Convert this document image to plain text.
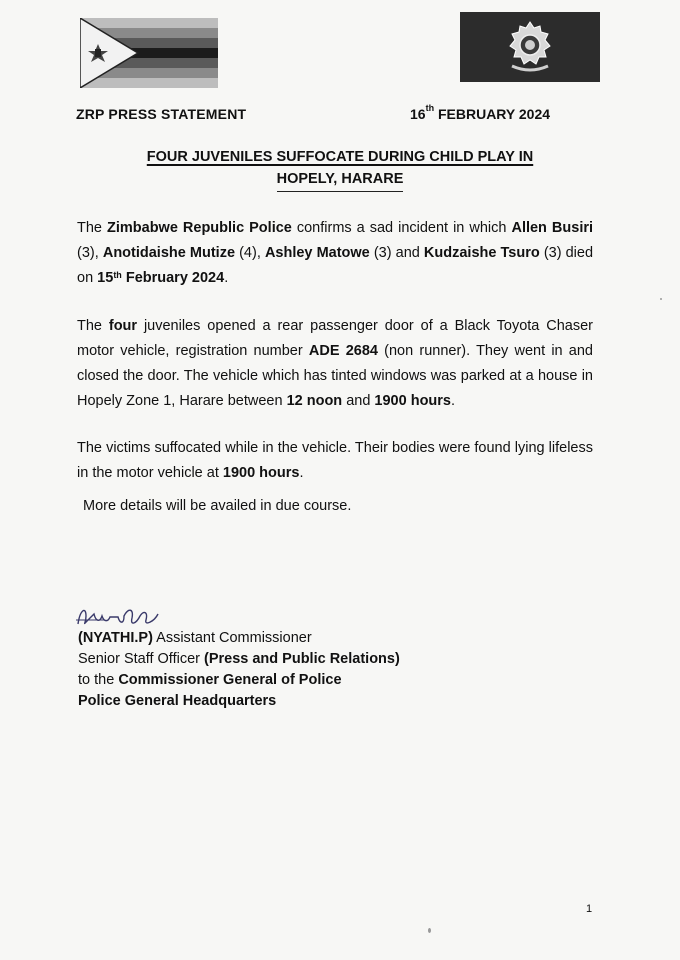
ZRP PRESS STATEMENT	16th FEBRUARY 2024
FOUR JUVENILES SUFFOCATE DURING CHILD PLAY IN
HOPELY, HARARE
The Zimbabwe Republic Police confirms a sad incident in which Allen Busiri (3), Anotidaishe Mutize (4), Ashley Matowe (3) and Kudzaishe Tsuro (3) died on 15th February 2024.
The four juveniles opened a rear passenger door of a Black Toyota Chaser motor vehicle, registration number ADE 2684 (non runner). They went in and closed the door. The vehicle which has tinted windows was parked at a house in Hopely Zone 1, Harare between 12 noon and 1900 hours.
The victims suffocated while in the vehicle. Their bodies were found lying lifeless in the motor vehicle at 1900 hours.
More details will be availed in due course.
(NYATHI.P) Assistant Commissioner
Senior Staff Officer (Press and Public Relations)
to the Commissioner General of Police
Police General Headquarters
1
